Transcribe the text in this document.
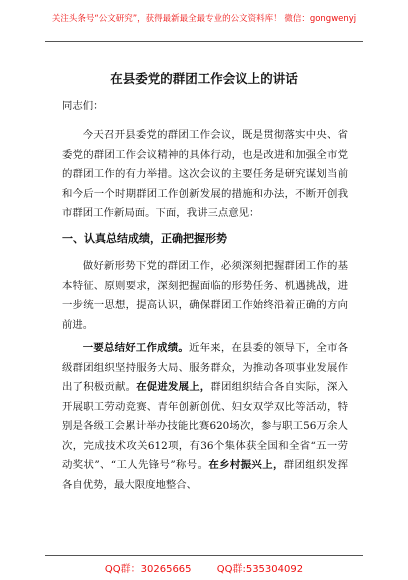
关注头条号“公文研究”，获得最新最全最专业的公文资料库！ 微信：gongwenyj
在县委党的群团工作会议上的讲话

同志们：

今天召开县委党的群团工作会议，既是贯彻落实中央、省委党的群团工作会议精神的具体行动，也是改进和加强全市党的群团工作的有力举措。这次会议的主要任务是研究谋划当前和今后一个时期群团工作创新发展的措施和办法，不断开创我市群团工作新局面。下面，我讲三点意见：

一、认真总结成绩，正确把握形势

做好新形势下党的群团工作，必须深刻把握群团工作的基本特征、原则要求，深刻把握面临的形势任务、机遇挑战，进一步统一思想，提高认识，确保群团工作始终沿着正确的方向前进。

一要总结好工作成绩。近年来，在县委的领导下，全市各级群团组织坚持服务大局、服务群众，为推动各项事业发展作出了积极贡献。在促进发展上，群团组织结合各自实际，深入开展职工劳动竞赛、青年创新创优、妇女双学双比等活动，特别是各级工会累计举办技能比赛620场次，参与职工56万余人次，完成技术攻关612项，有36个集体获全国和全省“五一劳动奖状”、“工人先锋号”称号。在乡村振兴上，群团组织发挥各自优势，最大限度地整合、

QQ群：30265665	QQ群:535304092
